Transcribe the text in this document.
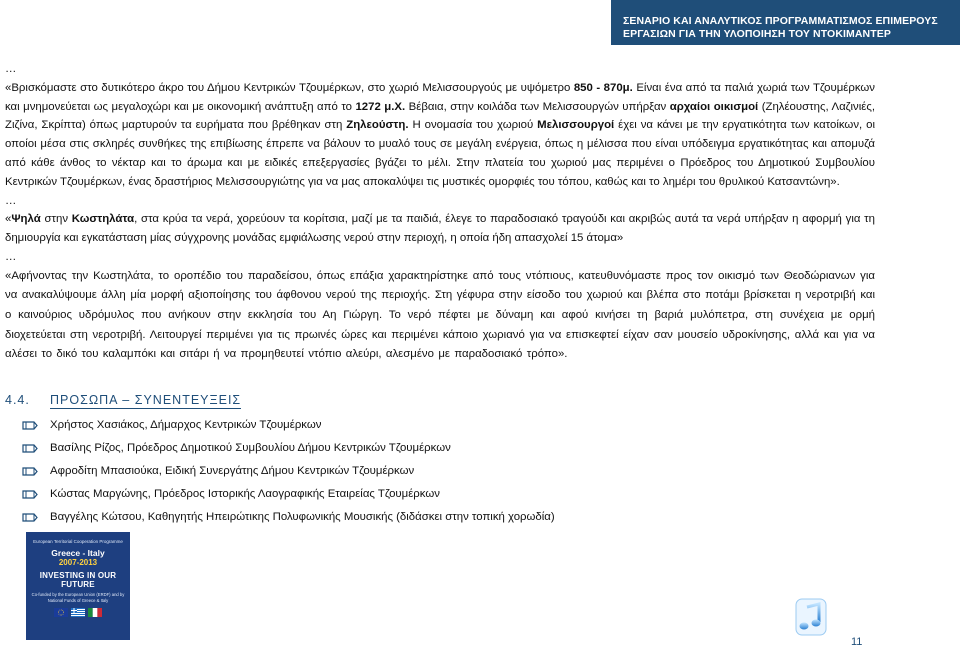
ΣΕΝΑΡΙΟ ΚΑΙ ΑΝΑΛΥΤΙΚΟΣ ΠΡΟΓΡΑΜΜΑΤΙΣΜΟΣ ΕΠΙΜΕΡΟΥΣ
ΕΡΓΑΣΙΩΝ ΓΙΑ ΤΗΝ ΥΛΟΠΟΙΗΣΗ ΤΟΥ ΝΤΟΚΙΜΑΝΤΕΡ

…

«Βρισκόμαστε στο δυτικότερο άκρο του Δήμου Κεντρικών Τζουμέρκων, στο χωριό Μελισσουργούς με υψόμετρο 850 - 870μ. Είναι ένα από τα παλιά χωριά των Τζουμέρκων και μνημονεύεται ως μεγαλοχώρι και με οικονομική ανάπτυξη από το 1272 μ.Χ. Βέβαια, στην κοιλάδα των Μελισσουργών υπήρξαν αρχαίοι οικισμοί (Ζηλέουστης, Λαζινιές, Ζιζίνα, Σκρίπτα) όπως μαρτυρούν τα ευρήματα που βρέθηκαν στη Ζηλεούστη. Η ονομασία του χωριού Μελισσουργοί έχει να κάνει με την εργατικότητα των κατοίκων, οι οποίοι μέσα στις σκληρές συνθήκες της επιβίωσης έπρεπε να βάλουν το μυαλό τους σε μεγάλη ενέργεια, όπως η μέλισσα που είναι υπόδειγμα εργατικότητας και απομυζά από κάθε άνθος το νέκταρ και το άρωμα και με ειδικές επεξεργασίες βγάζει το μέλι. Στην πλατεία του χωριού μας περιμένει ο Πρόεδρος του Δημοτικού Συμβουλίου Κεντρικών Τζουμέρκων, ένας δραστήριος Μελισσουργιώτης για να μας αποκαλύψει τις μυστικές ομορφιές του τόπου, καθώς και το λημέρι του θρυλικού Κατσαντώνη».

…

«Ψηλά στην Κωστηλάτα, στα κρύα τα νερά, χορεύουν τα κορίτσια, μαζί με τα παιδιά, έλεγε το παραδοσιακό τραγούδι και ακριβώς αυτά τα νερά υπήρξαν η αφορμή για τη δημιουργία και εγκατάσταση μίας σύγχρονης μονάδας εμφιάλωσης νερού στην περιοχή, η οποία ήδη απασχολεί 15 άτομα»

…

«Αφήνοντας την Κωστηλάτα, το οροπέδιο του παραδείσου, όπως επάξια χαρακτηρίστηκε από τους ντόπιους, κατευθυνόμαστε προς τον οικισμό των Θεοδώριανων για να ανακαλύψουμε άλλη μία μορφή αξιοποίησης του άφθονου νερού της περιοχής. Στη γέφυρα στην είσοδο του χωριού και βλέπα στο ποτάμι βρίσκεται η νεροτριβή και ο καινούριος υδρόμυλος που ανήκουν στην εκκλησία του Αη Γιώργη. Το νερό πέφτει με δύναμη και αφού κινήσει τη βαριά μυλόπετρα, στη συνέχεια με ορμή διοχετεύεται στη νεροτριβή. Λειτουργεί περιμένει για τις πρωινές ώρες και περιμένει κάποιο χωριανό για να επισκεφτεί είχαν σαν μουσείο υδροκίνησης, αλλά και για να αλέσει το δικό του καλαμπόκι και σιτάρι ή να προμηθευτεί ντόπιο αλεύρι, αλεσμένο με παραδοσιακό τρόπο».

4.4. ΠΡΟΣΩΠΑ – ΣΥΝΕΝΤΕΥΞΕΙΣ
Χρήστος Χασιάκος, Δήμαρχος Κεντρικών Τζουμέρκων
Βασίλης Ρίζος, Πρόεδρος Δημοτικού Συμβουλίου Δήμου Κεντρικών Τζουμέρκων
Αφροδίτη Μπασιούκα, Ειδική Συνεργάτης Δήμου Κεντρικών Τζουμέρκων
Κώστας Μαργώνης, Πρόεδρος Ιστορικής Λαογραφικής Εταιρείας Τζουμέρκων
Βαγγέλης Κώτσου, Καθηγητής Ηπειρώτικης Πολυφωνικής Μουσικής (διδάσκει στην τοπική χορωδία)
European Territorial Cooperation Programme
Greece - Italy
2007-2013
INVESTING IN OUR FUTURE
Co-funded by the European Union (ERDF) and by National Funds of Greece & Italy
11
